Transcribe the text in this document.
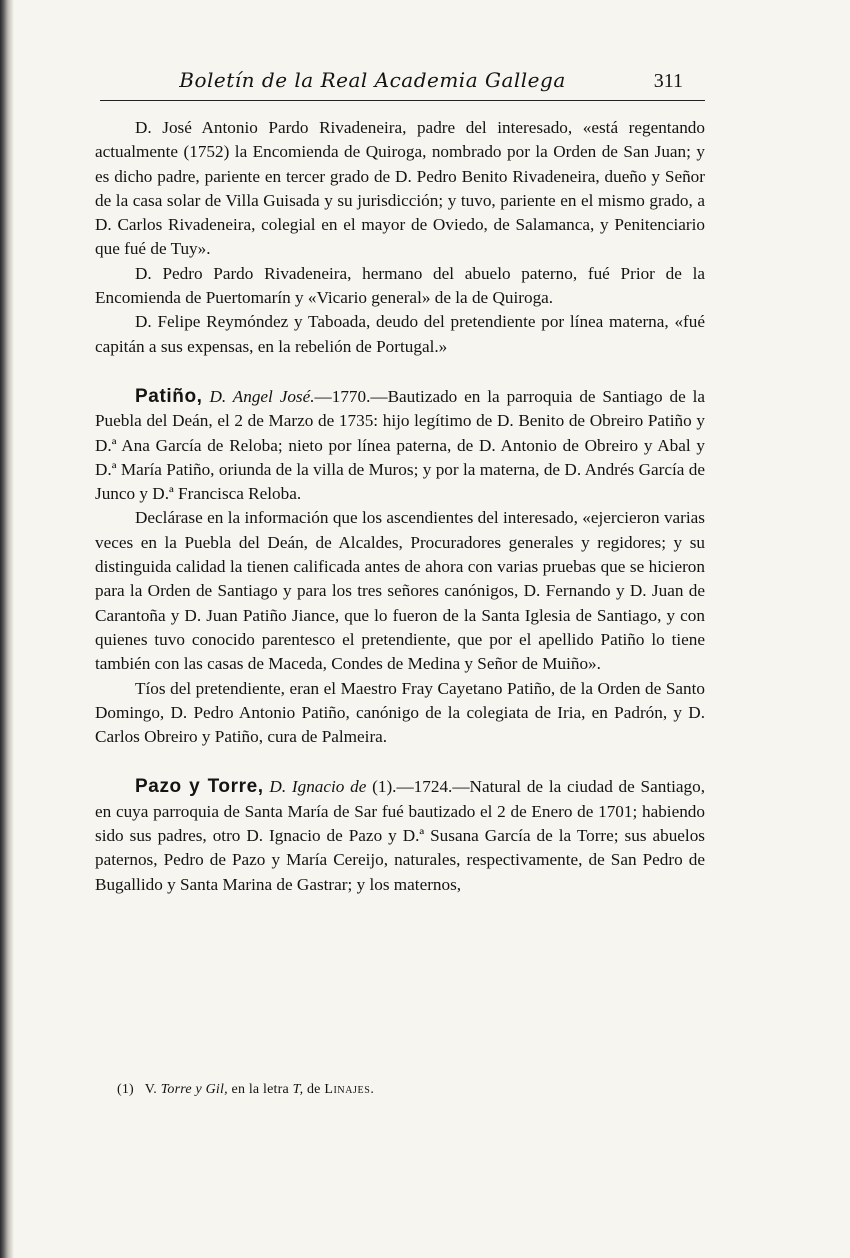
Boletín de la Real Academia Gallega	311

D. José Antonio Pardo Rivadeneira, padre del interesado, «está regentando actualmente (1752) la Encomienda de Quiroga, nombrado por la Orden de San Juan; y es dicho padre, pariente en tercer grado de D. Pedro Benito Rivadeneira, dueño y Señor de la casa solar de Villa Guisada y su jurisdicción; y tuvo, pariente en el mismo grado, a D. Carlos Rivadeneira, colegial en el mayor de Oviedo, de Salamanca, y Penitenciario que fué de Tuy».

D. Pedro Pardo Rivadeneira, hermano del abuelo paterno, fué Prior de la Encomienda de Puertomarín y «Vicario general» de la de Quiroga.

D. Felipe Reymóndez y Taboada, deudo del pretendiente por línea materna, «fué capitán a sus expensas, en la rebelión de Portugal.»

Patiño, D. Angel José.—1770.—Bautizado en la parroquia de Santiago de la Puebla del Deán, el 2 de Marzo de 1735: hijo legítimo de D. Benito de Obreiro Patiño y D.ª Ana García de Reloba; nieto por línea paterna, de D. Antonio de Obreiro y Abal y D.ª María Patiño, oriunda de la villa de Muros; y por la materna, de D. Andrés García de Junco y D.ª Francisca Reloba.

Declárase en la información que los ascendientes del interesado, «ejercieron varias veces en la Puebla del Deán, de Alcaldes, Procuradores generales y regidores; y su distinguida calidad la tienen calificada antes de ahora con varias pruebas que se hicieron para la Orden de Santiago y para los tres señores canónigos, D. Fernando y D. Juan de Carantoña y D. Juan Patiño Jiance, que lo fueron de la Santa Iglesia de Santiago, y con quienes tuvo conocido parentesco el pretendiente, que por el apellido Patiño lo tiene también con las casas de Maceda, Condes de Medina y Señor de Muiño».

Tíos del pretendiente, eran el Maestro Fray Cayetano Patiño, de la Orden de Santo Domingo, D. Pedro Antonio Patiño, canónigo de la colegiata de Iria, en Padrón, y D. Carlos Obreiro y Patiño, cura de Palmeira.

Pazo y Torre, D. Ignacio de (1).—1724.—Natural de la ciudad de Santiago, en cuya parroquia de Santa María de Sar fué bautizado el 2 de Enero de 1701; habiendo sido sus padres, otro D. Ignacio de Pazo y D.ª Susana García de la Torre; sus abuelos paternos, Pedro de Pazo y María Cereijo, naturales, respectivamente, de San Pedro de Bugallido y Santa Marina de Gastrar; y los maternos,

(1) V. Torre y Gil, en la letra T, de Linajes.
